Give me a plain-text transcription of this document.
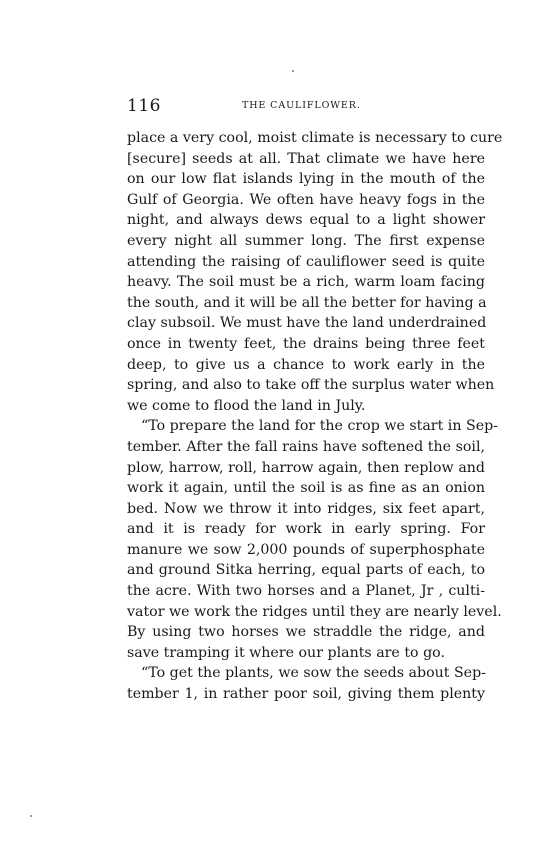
116	THE CAULIFLOWER.
place a very cool, moist climate is necessary to cure
[secure] seeds at all. That climate we have here
on our low flat islands lying in the mouth of the
Gulf of Georgia. We often have heavy fogs in the
night, and always dews equal to a light shower
every night all summer long. The first expense
attending the raising of cauliflower seed is quite
heavy. The soil must be a rich, warm loam facing
the south, and it will be all the better for having a
clay subsoil. We must have the land underdrained
once in twenty feet, the drains being three feet
deep, to give us a chance to work early in the
spring, and also to take off the surplus water when
we come to flood the land in July.
“To prepare the land for the crop we start in Sep-
tember. After the fall rains have softened the soil,
plow, harrow, roll, harrow again, then replow and
work it again, until the soil is as fine as an onion
bed. Now we throw it into ridges, six feet apart,
and it is ready for work in early spring. For
manure we sow 2,000 pounds of superphosphate
and ground Sitka herring, equal parts of each, to
the acre. With two horses and a Planet, Jr , culti-
vator we work the ridges until they are nearly level.
By using two horses we straddle the ridge, and
save tramping it where our plants are to go.
“To get the plants, we sow the seeds about Sep-
tember 1, in rather poor soil, giving them plenty
